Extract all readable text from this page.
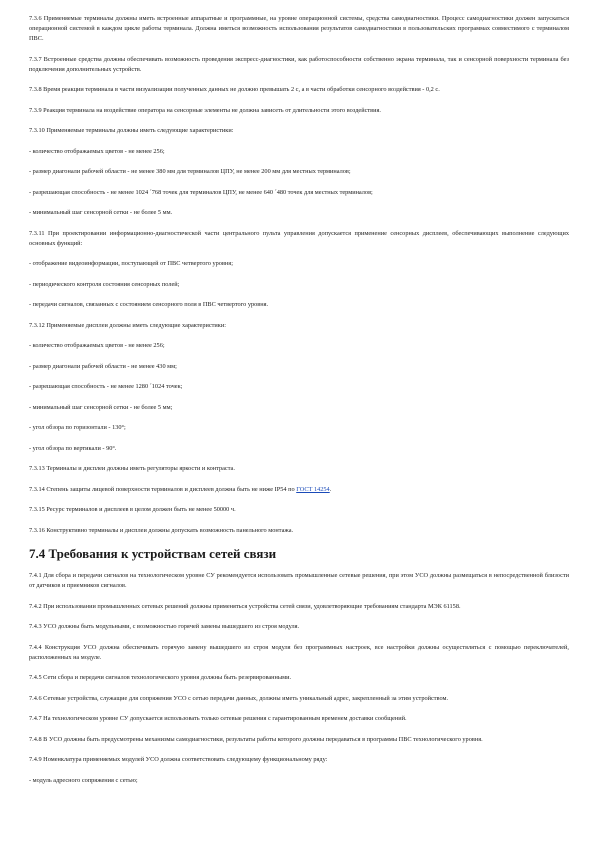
7.3.6 Применяемые терминалы должны иметь встроенные аппаратные и программные, на уровне операционной системы, средства самодиагностики. Процесс самодиагностики должен запускаться операционной системой в каждом цикле работы терминала. Должна иметься возможность использования результатов самодиагностики в пользовательских программах совместимого с терминалом ПВС.

7.3.7 Встроенные средства должны обеспечивать возможность проведения экспресс-диагностики, как работоспособности собственно экрана терминала, так и сенсорной поверхности терминала без подключения дополнительных устройств.

7.3.8 Время реакции терминала в части визуализации полученных данных не должно превышать 2 с, а в части обработки сенсорного воздействия - 0,2 с.

7.3.9 Реакция терминала на воздействие оператора на сенсорные элементы не должна зависеть от длительности этого воздействия.

7.3.10 Применяемые терминалы должны иметь следующие характеристики:

- количество отображаемых цветов - не менее 256;

- размер диагонали рабочей области - не менее 380 мм для терминалов ЦПУ, не менее 200 мм для местных терминалов;

- разрешающая способность - не менее 1024 ´768 точек для терминалов ЦПУ, не менее 640 ´480 точек для местных терминалов;

- минимальный шаг сенсорной сетки - не более 5 мм.

7.3.11 При проектировании информационно-диагностической части центрального пульта управления допускается применение сенсорных дисплеев, обеспечивающих выполнение следующих основных функций:

- отображение видеоинформации, поступающей от ПВС четвертого уровня;

- периодического контроля состояния сенсорных полей;

- передачи сигналов, связанных с состоянием сенсорного поля в ПВС четвертого уровня.

7.3.12 Применяемые дисплеи должны иметь следующие характеристики:

- количество отображаемых цветов - не менее 256;

- размер диагонали рабочей области - не менее 430 мм;

- разрешающая способность - не менее 1280 ´1024 точек;

- минимальный шаг сенсорной сетки - не более 5 мм;

- угол обзора по горизонтали - 130°;

- угол обзора по вертикали - 90°.

7.3.13 Терминалы и дисплеи должны иметь регуляторы яркости и контраста.

7.3.14 Степень защиты лицевой поверхности терминалов и дисплеев должна быть не ниже IP54 по ГОСТ 14254.

7.3.15 Ресурс терминалов и дисплеев в целом должен быть не менее 50000 ч.

7.3.16 Конструктивно терминалы и дисплеи должны допускать возможность панельного монтажа.

7.4 Требования к устройствам сетей связи

7.4.1 Для сбора и передачи сигналов на технологическом уровне СУ рекомендуется использовать промышленные сетевые решения, при этом УСО должны размещаться в непосредственной близости от датчиков и приемников сигналов.

7.4.2 При использовании промышленных сетевых решений должны применяться устройства сетей связи, удовлетворяющие требованиям стандарта МЭК 61158.

7.4.3 УСО должны быть модульными, с возможностью горячей замены вышедшего из строя модуля.

7.4.4 Конструкция УСО должна обеспечивать горячую замену вышедшего из строя модуля без программных настроек, все настройки должны осуществляться с помощью переключателей, расположенных на модуле.

7.4.5 Сети сбора и передачи сигналов технологического уровня должны быть резервированными.

7.4.6 Сетевые устройства, служащие для сопряжения УСО с сетью передачи данных, должны иметь уникальный адрес, закрепленный за этим устройством.

7.4.7 На технологическом уровне СУ допускается использовать только сетевые решения с гарантированным временем доставки сообщений.

7.4.8 В УСО должны быть предусмотрены механизмы самодиагностики, результаты работы которого должны передаваться в программы ПВС технологического уровня.

7.4.9 Номенклатура применяемых модулей УСО должна соответствовать следующему функциональному ряду:

- модуль адресного сопряжения с сетью;
